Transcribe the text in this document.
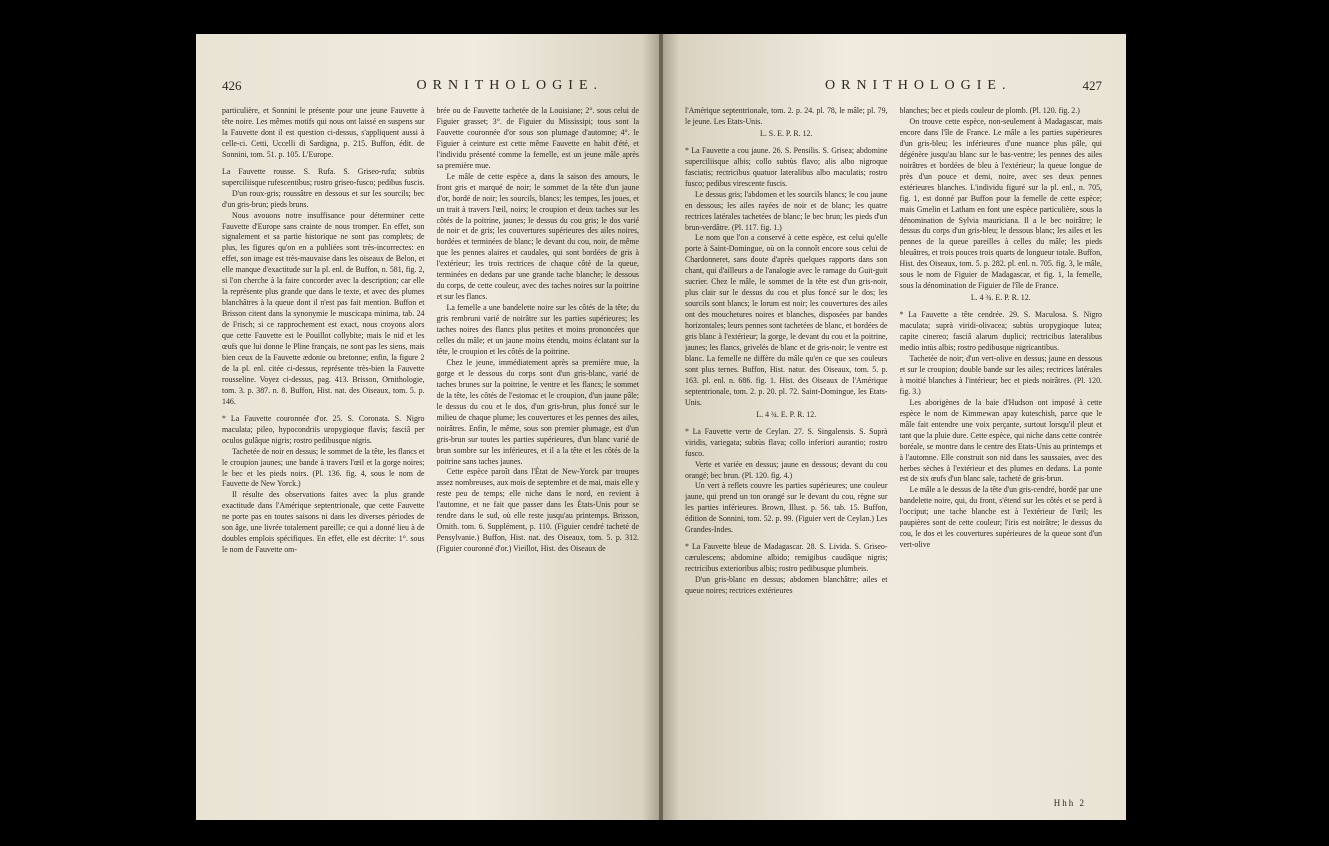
426	ORNITHOLOGIE.

particulière, et Sonnini le présente pour une jeune Fauvette à tête noire. Les mêmes motifs qui nous ont laissé en suspens sur la Fauvette dont il est question ci-dessus, s'appliquent aussi à celle-ci. Cetti, Uccelli di Sardigna, p. 215. Buffon, édit. de Sonnini, tom. 51. p. 105. L'Europe.

La Fauvette rousse. S. Rufa. S. Griseo-rufa; subtùs superciliisque rufescentibus; rostro griseo-fusco; pedibus fuscis.

D'un roux-gris; roussâtre en dessous et sur les sourcils; bec d'un gris-brun; pieds bruns.

Nous avouons notre insuffisance pour déterminer cette Fauvette d'Europe sans crainte de nous tromper. En effet, son signalement et sa partie historique ne sont pas complets; de plus, les figures qu'on en a publiées sont très-incorrectes: en effet, son image est très-mauvaise dans les oiseaux de Belon, et elle manque d'exactitude sur la pl. enl. de Buffon, n. 581, fig. 2, si l'on cherche à la faire concorder avec la description; car elle la représente plus grande que dans le texte, et avec des plumes blanchâtres à la queue dont il n'est pas fait mention. Buffon et Brisson citent dans la synonymie le muscicapa minima, tab. 24 de Frisch; si ce rapprochement est exact, nous croyons alors que cette Fauvette est le Pouillot collybite; mais le nid et les œufs que lui donne le Pline français, ne sont pas les siens, mais bien ceux de la Fauvette ædonie ou bretonne; enfin, la figure 2 de la pl. enl. citée ci-dessus, représente très-bien la Fauvette rousseline. Voyez ci-dessus, pag. 413. Brisson, Ornithologie, tom. 3. p. 387. n. 8. Buffon, Hist. nat. des Oiseaux, tom. 5. p. 146.

* La Fauvette couronnée d'or. 25. S. Coronata. S. Nigro maculata; pileo, hypocondriis uropygioque flavis; fasciâ per oculos gulâque nigris; rostro pedibusque nigris.

Tachetée de noir en dessus; le sommet de la tête, les flancs et le croupion jaunes; une bande à travers l'œil et la gorge noires; le bec et les pieds noirs. (Pl. 136. fig. 4, sous le nom de Fauvette de New Yorck.)

Il résulte des observations faites avec la plus grande exactitude dans l'Amérique septentrionale, que cette Fauvette ne porte pas en toutes saisons ni dans les diverses périodes de son âge, une livrée totalement pareille; ce qui a donné lieu à de doubles emplois spécifiques. En effet, elle est décrite: 1°. sous le nom de Fauvette om-

brée ou de Fauvette tachetée de la Louisiane; 2°. sous celui de Figuier grasset; 3°. de Figuier du Mississipi; tous sont la Fauvette couronnée d'or sous son plumage d'automne; 4°. le Figuier à ceinture est cette même Fauvette en habit d'été, et l'individu présenté comme la femelle, est un jeune mâle après sa première mue.

Le mâle de cette espèce a, dans la saison des amours, le front gris et marqué de noir; le sommet de la tête d'un jaune d'or, bordé de noir; les sourcils, blancs; les tempes, les joues, et un trait à travers l'œil, noirs; le croupion et deux taches sur les côtés de la poitrine, jaunes; le dessus du cou gris; le dos varié de noir et de gris; les couvertures supérieures des ailes noires, bordées et terminées de blanc; le devant du cou, noir, de même que les pennes alaires et caudales, qui sont bordées de gris à l'extérieur; les trois rectrices de chaque côté de la queue, terminées en dedans par une grande tache blanche; le dessous du corps, de cette couleur, avec des taches noires sur la poitrine et sur les flancs.

La femelle a une bandelette noire sur les côtés de la tête; du gris rembruni varié de noirâtre sur les parties supérieures; les taches noires des flancs plus petites et moins prononcées que celles du mâle; et un jaune moins étendu, moins éclatant sur la tête, le croupion et les côtés de la poitrine.

Chez le jeune, immédiatement après sa première mue, la gorge et le dessous du corps sont d'un gris-blanc, varié de taches brunes sur la poitrine, le ventre et les flancs; le sommet de la tête, les côtés de l'estomac et le croupion, d'un jaune pâle; le dessus du cou et le dos, d'un gris-brun, plus foncé sur le milieu de chaque plume; les couvertures et les pennes des ailes, noirâtres. Enfin, le même, sous son premier plumage, est d'un gris-brun sur toutes les parties supérieures, d'un blanc varié de brun sombre sur les inférieures, et il a la tête et les côtés de la poitrine sans taches jaunes.

Cette espèce paroît dans l'État de New-Yorck par troupes assez nombreuses, aux mois de septembre et de mai, mais elle y reste peu de temps; elle niche dans le nord, en revient à l'automne, et ne fait que passer dans les États-Unis pour se rendre dans le sud, où elle reste jusqu'au printemps. Brisson, Ornith. tom. 6. Supplément, p. 110. (Figuier cendré tacheté de Pensylvanie.) Buffon, Hist. nat. des Oiseaux, tom. 5. p. 312. (Figuier couronné d'or.) Vieillot, Hist. des Oiseaux de

ORNITHOLOGIE.	427

l'Amérique septentrionale, tom. 2. p. 24. pl. 78, le mâle; pl. 79, le jeune. Les Etats-Unis.

L. S. E. P. R. 12.

* La Fauvette a cou jaune. 26. S. Pensilis. S. Grisea; abdomine superciliisque albis; collo subtùs flavo; alis albo nigroque fasciatis; rectricibus quatuor lateralibus albo maculatis; rostro fusco; pedibus virescente fuscis.

Le dessus gris; l'abdomen et les sourcils blancs; le cou jaune en dessous; les ailes rayées de noir et de blanc; les quatre rectrices latérales tachetées de blanc; le bec brun; les pieds d'un brun-verdâtre. (Pl. 117. fig. 1.)

Le nom que l'on a conservé à cette espèce, est celui qu'elle porte à Saint-Domingue, où on la connoît encore sous celui de Chardonneret, sans doute d'après quelques rapports dans son chant, qui d'ailleurs a de l'analogie avec le ramage du Guit-guit sucrier. Chez le mâle, le sommet de la tête est d'un gris-noir, plus clair sur le dessus du cou et plus foncé sur le dos; les sourcils sont blancs; le lorum est noir; les couvertures des ailes ont des mouchetures noires et blanches, disposées par bandes horizontales; leurs pennes sont tachetées de blanc, et bordées de gris blanc à l'extérieur; la gorge, le devant du cou et la poitrine, jaunes; les flancs, grivelés de blanc et de gris-noir; le ventre est blanc. La femelle ne diffère du mâle qu'en ce que ses couleurs sont plus ternes. Buffon, Hist. natur. des Oiseaux, tom. 5. p. 163. pl. enl. n. 686. fig. 1. Hist. des Oiseaux de l'Amérique septentrionale, tom. 2. p. 20. pl. 72. Saint-Domingue, les Etats-Unis.

L. 4 ¾. E. P. R. 12.

* La Fauvette verte de Ceylan. 27. S. Singalensis. S. Suprà viridis, variegata; subtùs flava; collo inferiori aurantio; rostro fusco.

Verte et variée en dessus; jaune en dessous; devant du cou orangé; bec brun. (Pl. 120. fig. 4.)

Un vert à reflets couvre les parties supérieures; une couleur jaune, qui prend un ton orangé sur le devant du cou, règne sur les parties inférieures. Brown, Illust. p. 56. tab. 15. Buffon, édition de Sonnini, tom. 52. p. 99. (Figuier vert de Ceylan.) Les Grandes-Indes.

* La Fauvette bleue de Madagascar. 28. S. Livida. S. Griseo-cærulescens; abdomine albido; remigibus caudâque nigris; rectricibus exterioribus albis; rostro pedibusque plumbeis.

D'un gris-blanc en dessus; abdomen blanchâtre; ailes et queue noires; rectrices extérieures

blanches; bec et pieds couleur de plomb. (Pl. 120. fig. 2.)

On trouve cette espèce, non-seulement à Madagascar, mais encore dans l'île de France. Le mâle a les parties supérieures d'un gris-bleu; les inférieures d'une nuance plus pâle, qui dégénère jusqu'au blanc sur le bas-ventre; les pennes des ailes noirâtres et bordées de bleu à l'extérieur; la queue longue de près d'un pouce et demi, noire, avec ses deux pennes extérieures blanches. L'individu figuré sur la pl. enl., n. 705, fig. 1, est donné par Buffon pour la femelle de cette espèce; mais Gmelin et Latham en font une espèce particulière, sous la dénomination de Sylvia mauriciana. Il a le bec noirâtre; le dessus du corps d'un gris-bleu; le dessous blanc; les ailes et les pennes de la queue pareilles à celles du mâle; les pieds bleuâtres, et trois pouces trois quarts de longueur totale. Buffon, Hist. des Oiseaux, tom. 5. p. 282. pl. enl. n. 705. fig. 3, le mâle, sous le nom de Figuier de Madagascar, et fig. 1, la femelle, sous la dénomination de Figuier de l'île de France.

L. 4 ¾. E. P. R. 12.

* La Fauvette a tête cendrée. 29. S. Maculosa. S. Nigro maculata; suprà viridi-olivacea; subtùs uropygioque lutea; capite cinereo; fasciâ alarum duplici; rectricibus lateralibus medio intùs albis; rostro pedibusque nigricantibus.

Tachetée de noir; d'un vert-olive en dessus; jaune en dessous et sur le croupion; double bande sur les ailes; rectrices latérales à moitié blanches à l'intérieur; bec et pieds noirâtres. (Pl. 120. fig. 3.)

Les aborigènes de la baie d'Hudson ont imposé à cette espèce le nom de Kimmewan apay kuteschish, parce que le mâle fait entendre une voix perçante, surtout lorsqu'il pleut et tant que la pluie dure. Cette espèce, qui niche dans cette contrée boréale, se montre dans le centre des Etats-Unis au printemps et à l'automne. Elle construit son nid dans les saussaies, avec des herbes sèches à l'extérieur et des plumes en dedans. La ponte est de six œufs d'un blanc sale, tacheté de gris-brun.

Le mâle a le dessus de la tête d'un gris-cendré, bordé par une bandelette noire, qui, du front, s'étend sur les côtés et se perd à l'occiput; une tache blanche est à l'extérieur de l'œil; les paupières sont de cette couleur; l'iris est noirâtre; le dessus du cou, le dos et les couvertures supérieures de la queue sont d'un vert-olive

Hhh 2
